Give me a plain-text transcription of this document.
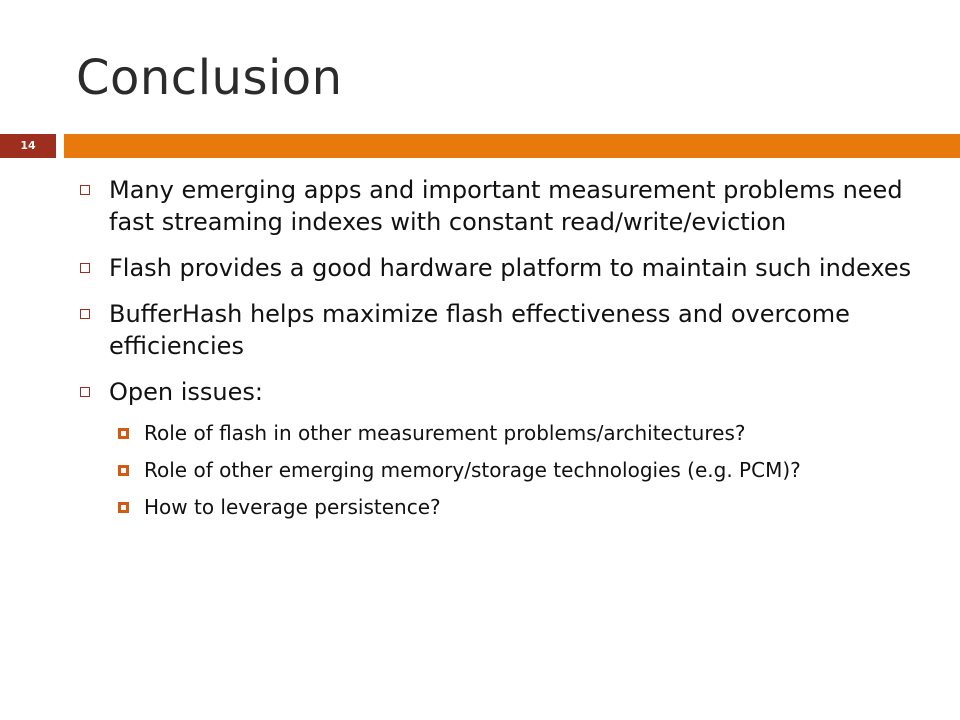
Conclusion
14
Many emerging apps and important measurement problems need fast streaming indexes with constant read/write/eviction
Flash provides a good hardware platform to maintain such indexes
BufferHash helps maximize flash effectiveness and overcome efficiencies
Open issues:
Role of flash in other measurement problems/architectures?
Role of other emerging memory/storage technologies (e.g. PCM)?
How to leverage persistence?
